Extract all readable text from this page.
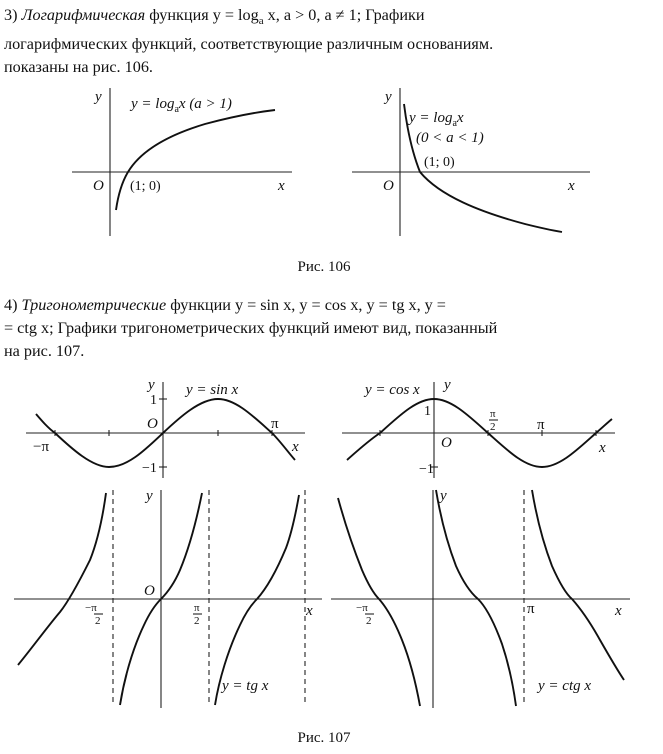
3) Логарифмическая функция $y = \log_a x$, a > 0, a ≠ 1; Графики
логарифмических функций, соответствующие различным основаниям.
показаны на рис. 106.
y
x
O (1; 0)
$y = \log_ax$ (a > 1)	y
x
O
(1; 0)
$y = \log_ax$
(0 < a < 1)
Рис. 106
4) Тригонометрические функции y = sin x, y = cos x, y = tg x, y =
= ctg x; Графики тригонометрических функций имеют вид, показанный
на рис. 107.
y
x
O
1
−1
−π
π
y = sin x	y
x
O
1
−1
π
2	π
y = cos x
y
x
O
−π
2
π
2
y = tg x
y
x
−π
2
π
y = ctg x
Рис. 107
